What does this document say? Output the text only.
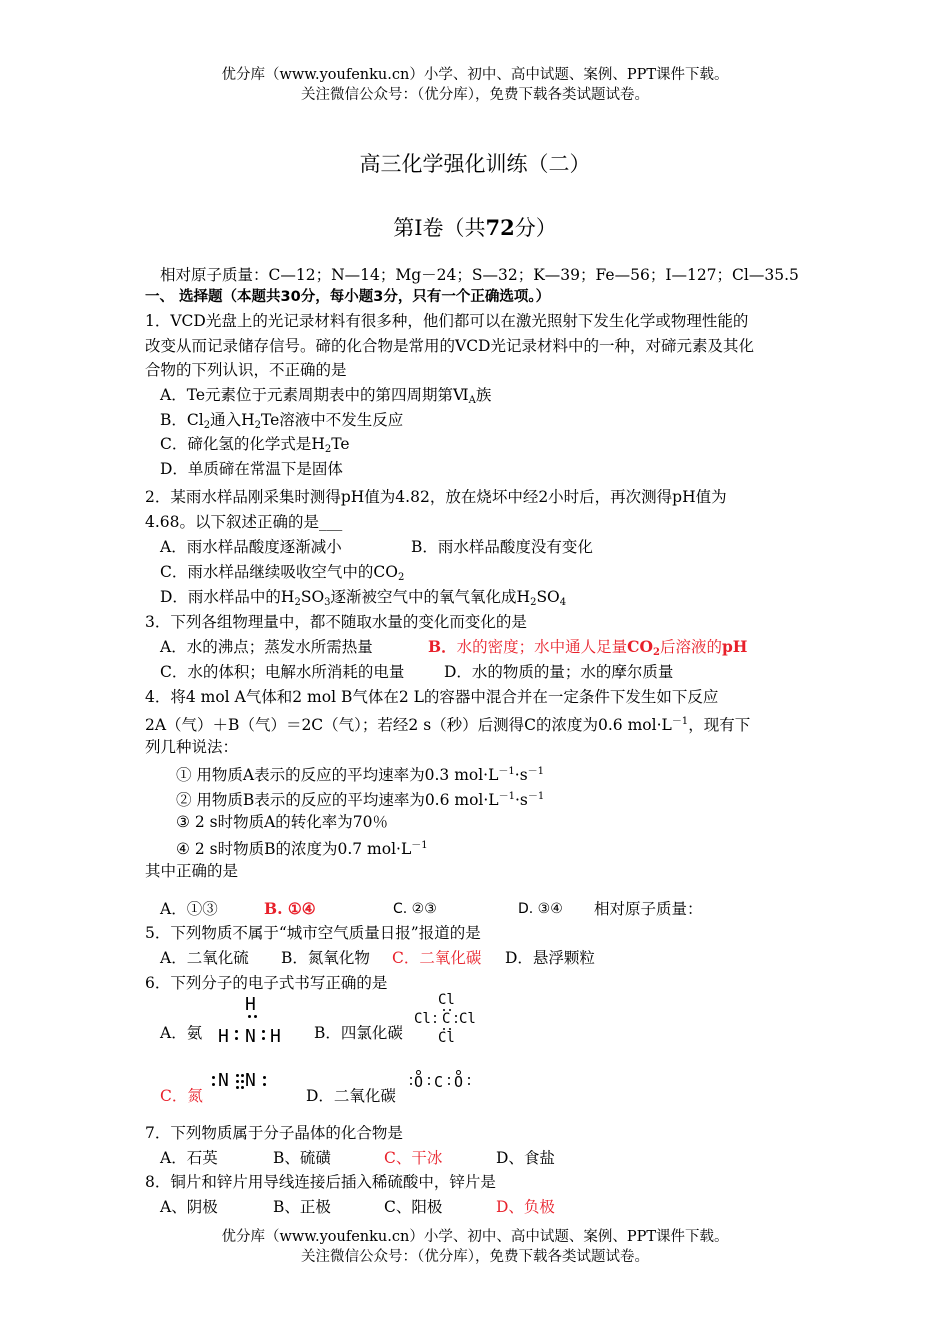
优分库（www.youfenku.cn）小学、初中、高中试题、案例、PPT课件下载。
关注微信公众号：（优分库），免费下载各类试题试卷。
高三化学强化训练（二）
第Ⅰ卷（共72分）
相对原子质量：C—12；N—14；Mg－24；S—32；K—39；Fe—56；I—127；Cl—35.5
一、 选择题（本题共30分，每小题3分，只有一个正确选项。）
1．VCD光盘上的光记录材料有很多种，他们都可以在激光照射下发生化学或物理性能的
改变从而记录储存信号。碲的化合物是常用的VCD光记录材料中的一种，对碲元素及其化
合物的下列认识，不正确的是
A．Te元素位于元素周期表中的第四周期第$Ⅵ_A$族
B．$Cl_2$通入$H_2Te$溶液中不发生反应
C．碲化氢的化学式是$H_2Te$
D．单质碲在常温下是固体
2．某雨水样品刚采集时测得pH值为4.82，放在烧坏中经2小时后，再次测得pH值为
4.68。以下叙述正确的是___
A．雨水样品酸度逐渐减小	B．雨水样品酸度没有变化
C．雨水样品继续吸收空气中的$CO_2$
D．雨水样品中的$H_2SO_3$逐渐被空气中的氧气氧化成$H_2SO_4$
3．下列各组物理量中，都不随取水量的变化而变化的是
A．水的沸点；蒸发水所需热量	B．水的密度；水中通人足量$CO_2$后溶液的pH
C．水的体积；电解水所消耗的电量	D．水的物质的量；水的摩尔质量
4．将4 mol A气体和2 mol B气体在2 L的容器中混合并在一定条件下发生如下反应
2A（气）＋B（气）＝2C（气）；若经2 s（秒）后测得C的浓度为0.6 $mol\cdot L^{-1}$，现有下
列几种说法：
① 用物质A表示的反应的平均速率为0.3 $mol\cdot L^{-1}\cdot s^{-1}$
② 用物质B表示的反应的平均速率为0.6 $mol\cdot L^{-1}\cdot s^{-1}$
③ 2 s时物质A的转化率为70％
④ 2 s时物质B的浓度为0.7 $mol\cdot L^{-1}$
其中正确的是
A．①③	B. ①④	C. ②③	D. ③④ 相对原子质量：
5．下列物质不属于“城市空气质量日报”报道的是
A．二氧化硫 B．氮氧化物 C．二氧化碳 D．悬浮颗粒
6．下列分子的电子式书写正确的是
A．氨
H
H N H B．四氯化碳
Cl
Cl C Cl
Cl
C．氮
N N
D．二氧化碳
O C O
7．下列物质属于分子晶体的化合物是
A．石英	B、硫磺	C、干冰	D、食盐
8．铜片和锌片用导线连接后插入稀硫酸中，锌片是
A、阴极	B、正极	C、阳极	D、负极
优分库（www.youfenku.cn）小学、初中、高中试题、案例、PPT课件下载。
关注微信公众号：（优分库），免费下载各类试题试卷。
